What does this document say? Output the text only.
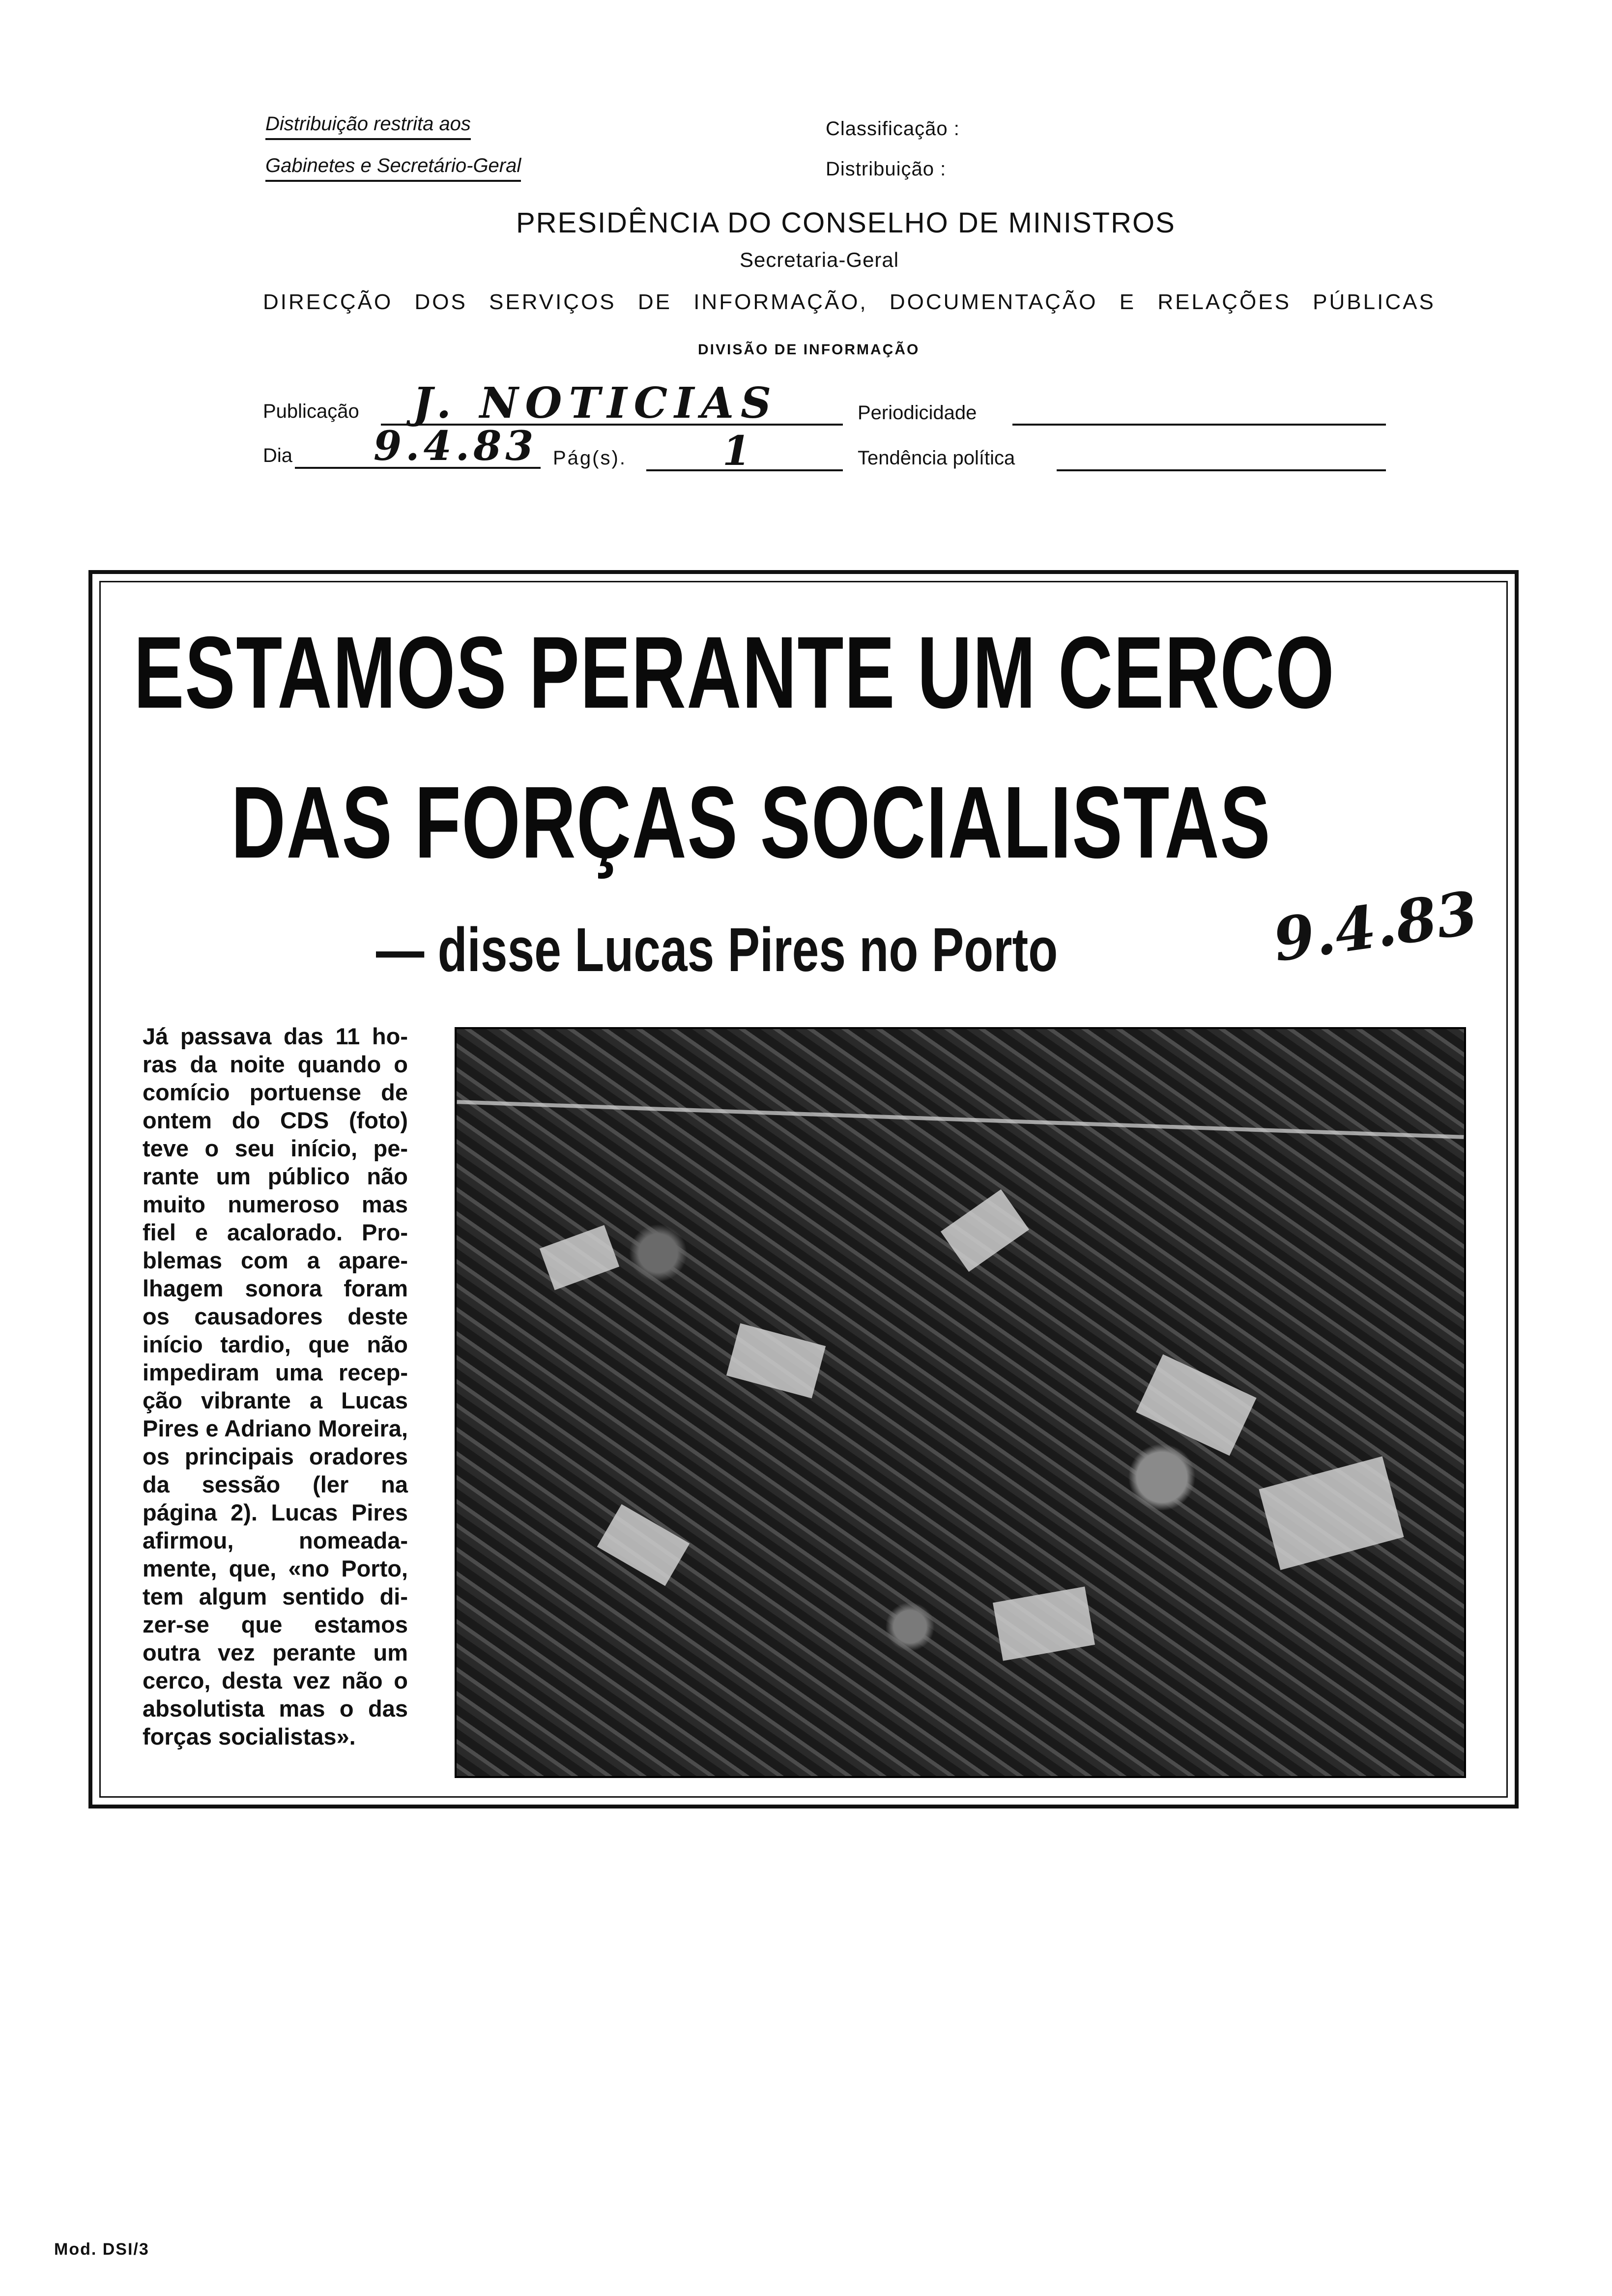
Distribuição restrita aos
Gabinetes e Secretário-Geral
Classificação :
Distribuição :
PRESIDÊNCIA DO CONSELHO DE MINISTROS
Secretaria-Geral
DIRECÇÃO DOS SERVIÇOS DE INFORMAÇÃO, DOCUMENTAÇÃO E RELAÇÕES PÚBLICAS
DIVISÃO DE INFORMAÇÃO
Publicação J. NOTICIAS	Periodicidade
Dia 9.4.83 Pág(s). 1	Tendência política
ESTAMOS PERANTE UM CERCO
DAS FORÇAS SOCIALISTAS
— disse Lucas Pires no Porto	9.4.83
Já passava das 11 horas da noite quando o comício portuense de ontem do CDS (foto) teve o seu início, perante um público não muito numeroso mas fiel e acalorado. Problemas com a aparelhagem sonora foram os causadores deste início tardio, que não impediram uma recepção vibrante a Lucas Pires e Adriano Moreira, os principais oradores da sessão (ler na página 2). Lucas Pires afirmou, nomeadamente, que, «no Porto, tem algum sentido dizer-se que estamos outra vez perante um cerco, desta vez não o absolutista mas o das forças socialistas».
Mod. DSI/3
